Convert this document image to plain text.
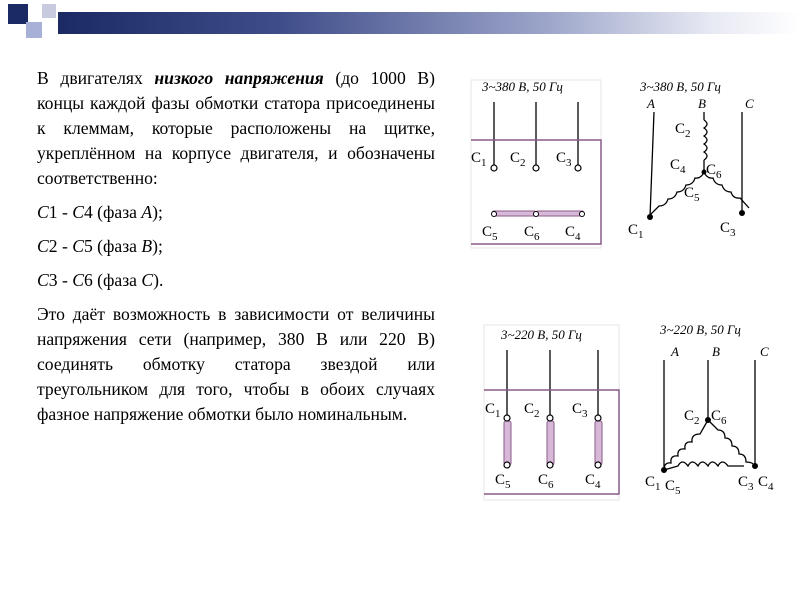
В двигателях низкого напряжения (до 1000 В) концы каждой фазы обмотки статора присоединены к клеммам, которые расположены на щитке, укреплённом на корпусе двигателя, и обозначены соответственно:

С1 - С4 (фаза А);

С2 - С5 (фаза В);

С3 - С6 (фаза С).

Это даёт возможность в зависимости от величины напряжения сети (например, 380 В или 220 В) соединять обмотку статора звездой или треугольником для того, чтобы в обоих случаях фазное напряжение обмотки было номинальным.

3~380 В, 50 Гц
$С_1$ $С_2$ $С_3$
$С_5$ $С_6$ $С_4$
3~380 В, 50 Гц
А	В	С
$С_2$
$С_4$ $С_6$
$С_5$
$С_1$	$С_3$
3~220 В, 50 Гц
$С_1$ $С_2$ $С_3$
$С_5$ $С_6$ $С_4$
3~220 В, 50 Гц
А	В	С
$С_2$ $С_6$
$С_1$ $С_5$
$С_3$ $С_4$
